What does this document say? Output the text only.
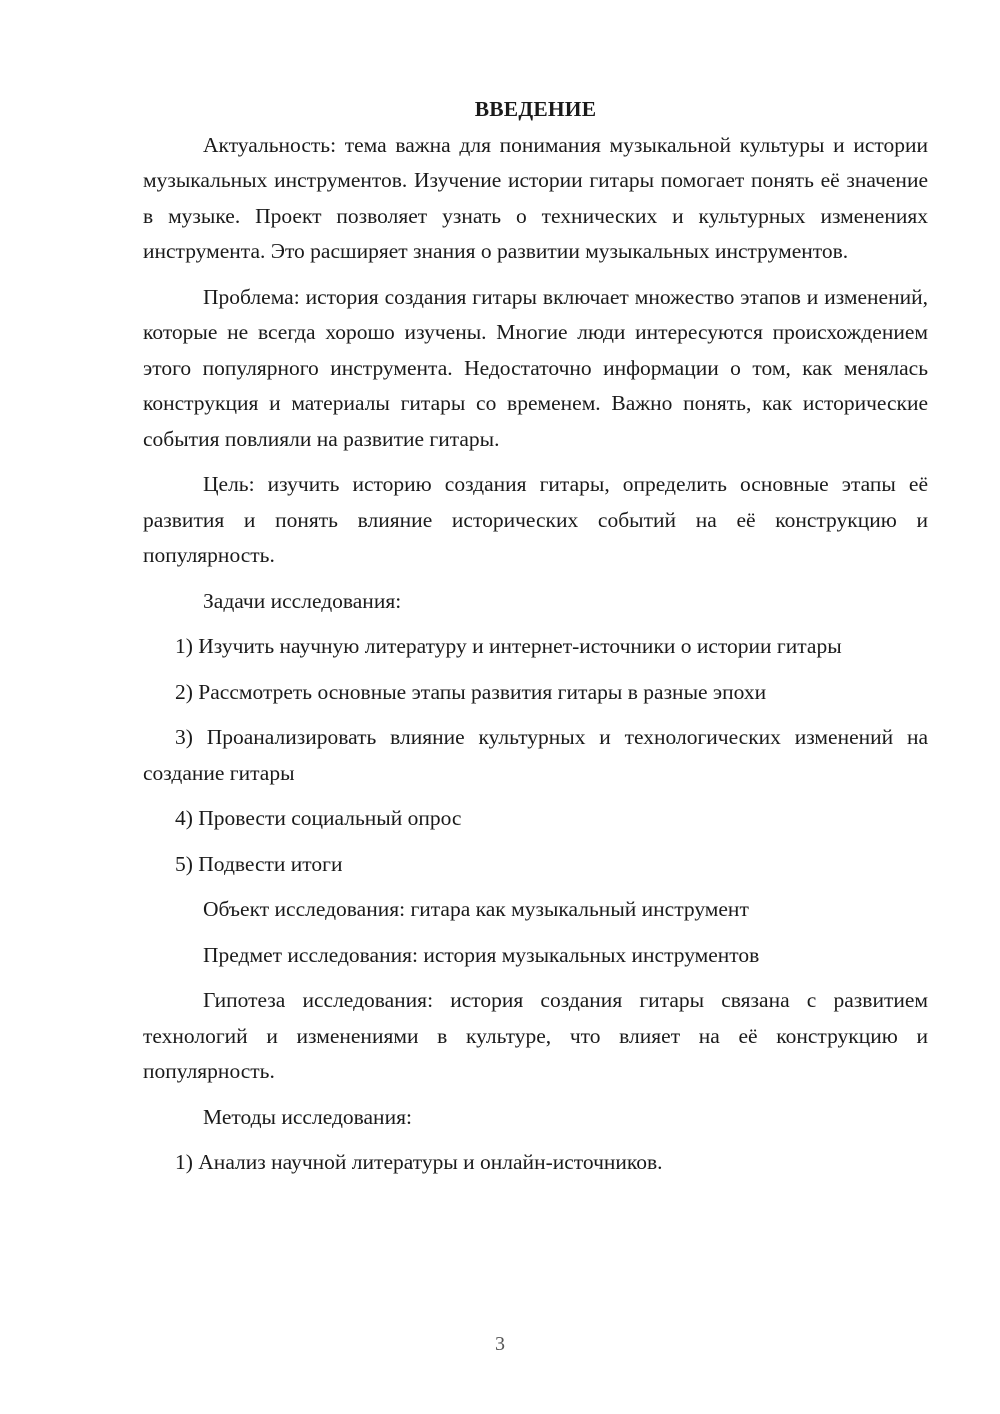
ВВЕДЕНИЕ

Актуальность: тема важна для понимания музыкальной культуры и истории музыкальных инструментов. Изучение истории гитары помогает понять её значение в музыке. Проект позволяет узнать о технических и культурных изменениях инструмента. Это расширяет знания о развитии музыкальных инструментов.

Проблема: история создания гитары включает множество этапов и изменений, которые не всегда хорошо изучены. Многие люди интересуются происхождением этого популярного инструмента. Недостаточно информации о том, как менялась конструкция и материалы гитары со временем. Важно понять, как исторические события повлияли на развитие гитары.

Цель: изучить историю создания гитары, определить основные этапы её развития и понять влияние исторических событий на её конструкцию и популярность.

Задачи исследования:

1) Изучить научную литературу и интернет-источники о истории гитары

2) Рассмотреть основные этапы развития гитары в разные эпохи

3) Проанализировать влияние культурных и технологических изменений на создание гитары

4) Провести социальный опрос

5) Подвести итоги

Объект исследования: гитара как музыкальный инструмент

Предмет исследования: история музыкальных инструментов

Гипотеза исследования: история создания гитары связана с развитием технологий и изменениями в культуре, что влияет на её конструкцию и популярность.

Методы исследования:

1) Анализ научной литературы и онлайн-источников.

3
